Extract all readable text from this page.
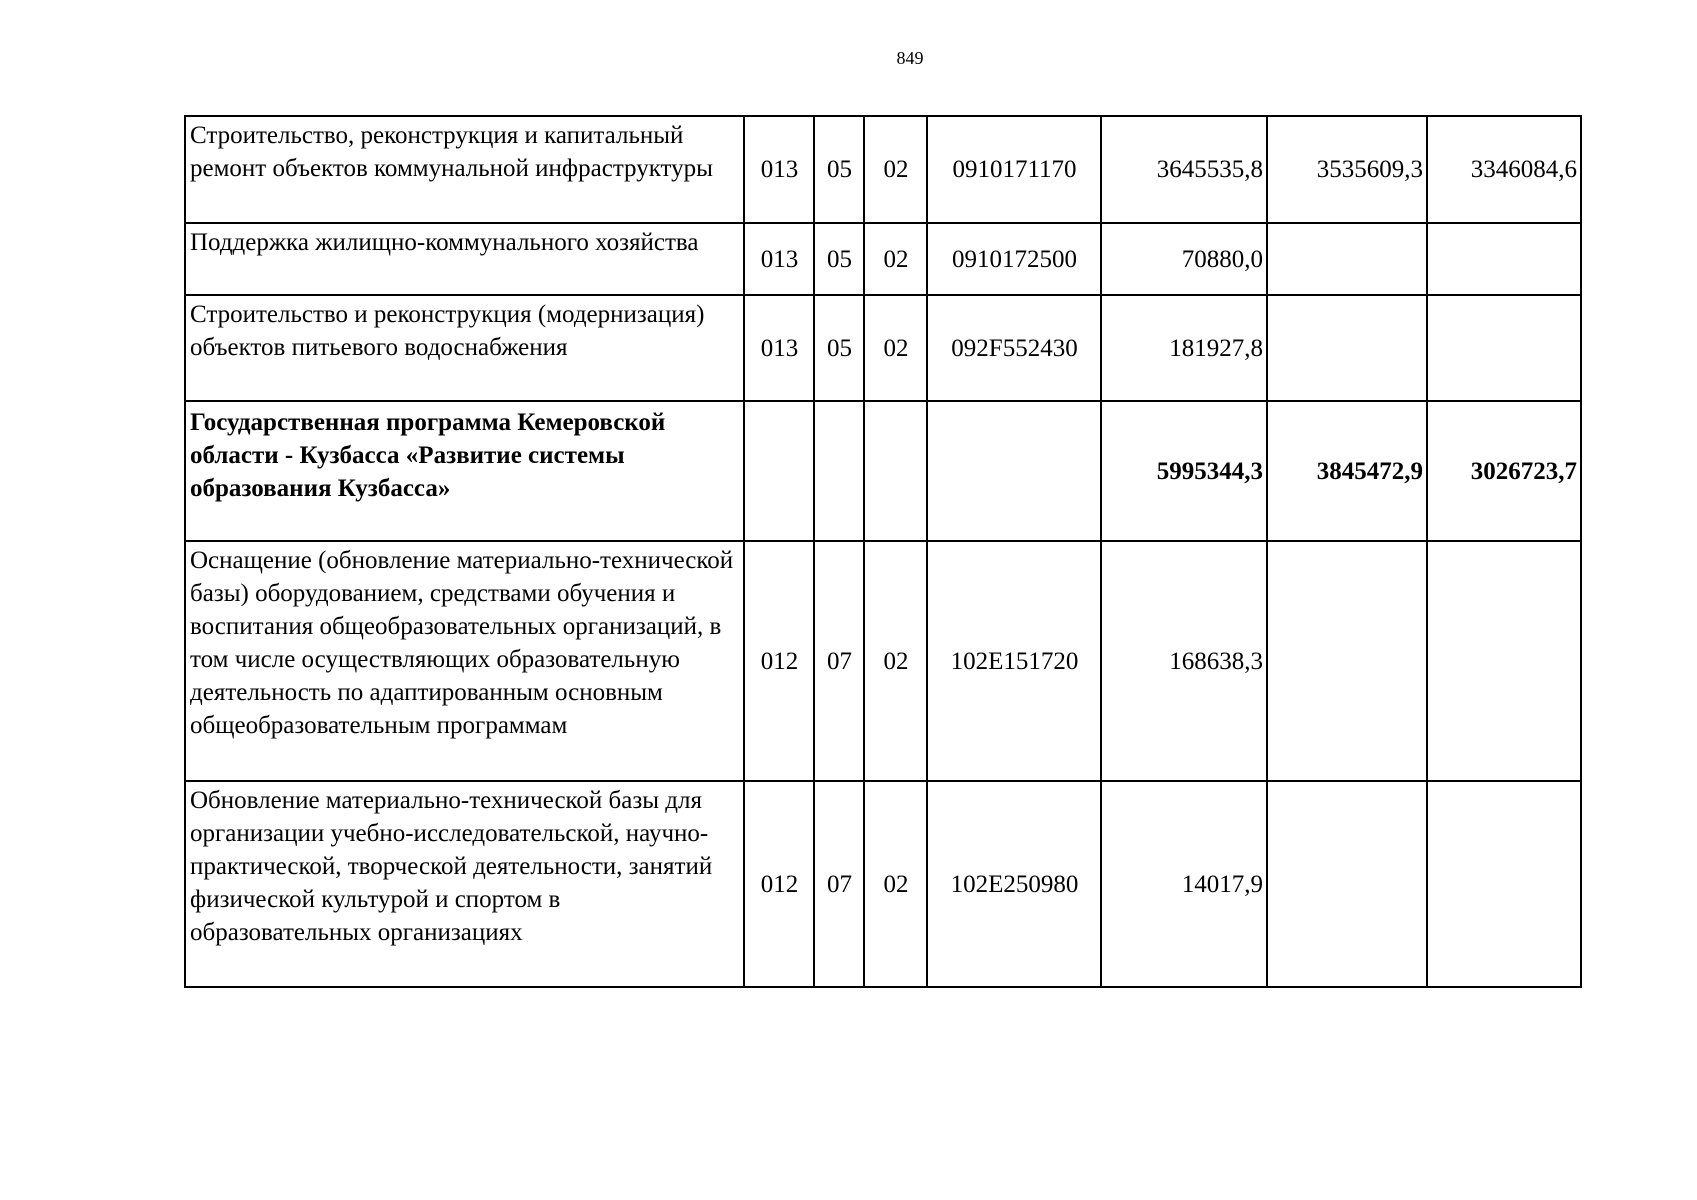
849
Строительство, реконструкция и капитальный ремонт объектов коммунальной инфраструктуры	013	05	02	0910171170	3645535,8	3535609,3	3346084,6
Поддержка жилищно-коммунального хозяйства	013	05	02	0910172500	70880,0		
Строительство и реконструкция (модернизация) объектов питьевого водоснабжения	013	05	02	092F552430	181927,8		
Государственная программа Кемеровской области - Кузбасса «Развитие системы образования Кузбасса»					5995344,3	3845472,9	3026723,7
Оснащение (обновление материально-технической базы) оборудованием, средствами обучения и воспитания общеобразовательных организаций, в том числе осуществляющих образовательную деятельность по адаптированным основным общеобразовательным программам	012	07	02	102E151720	168638,3		
Обновление материально-технической базы для организации учебно-исследовательской, научно-практической, творческой деятельности, занятий физической культурой и спортом в образовательных организациях	012	07	02	102E250980	14017,9		
